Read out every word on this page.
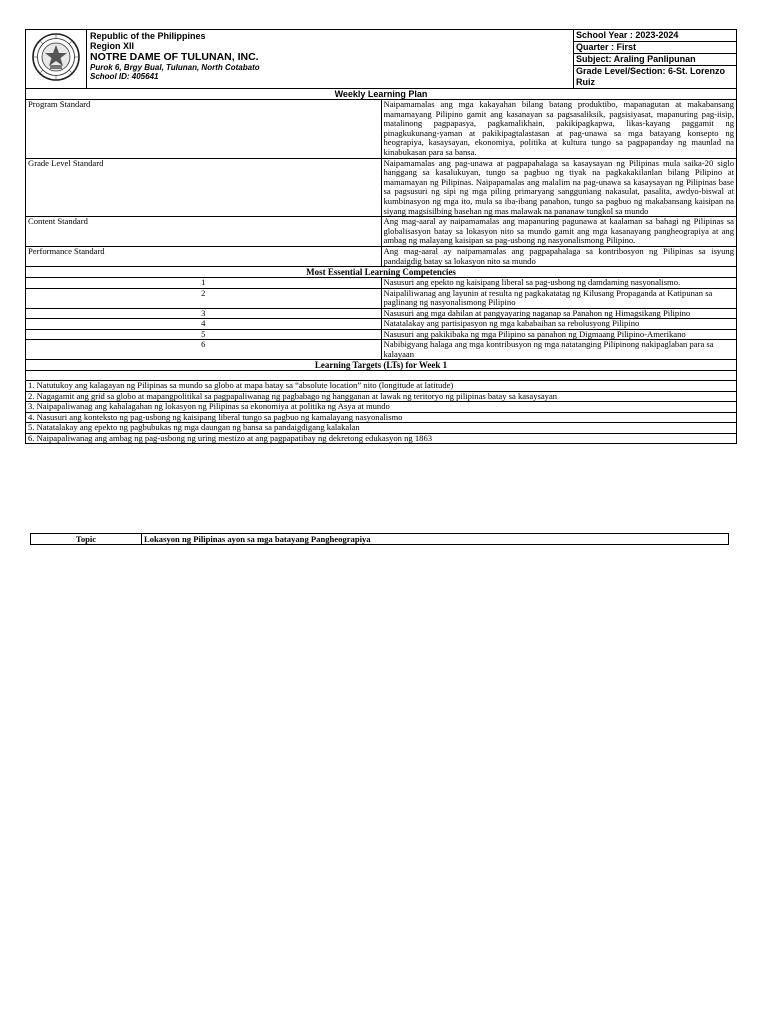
Republic of the Philippines
Region XII
NOTRE DAME OF TULUNAN, INC.
Purok 6, Brgy Bual, Tulunan, North Cotabato
School ID: 405641

School Year : 2023-2024
Quarter : First
Subject: Araling Panlipunan
Grade Level/Section: 6-St. Lorenzo Ruiz
Weekly Learning Plan	
Program Standard	Naipamamalas ang mga kakayahan bilang batang produktibo, mapanagutan at makabansang mamamayang Pilipino gamit ang kasanayan sa pagsasaliksik, pagsisiyasat, mapanuring pag-iisip, matalinong pagpapasya, pagkamalikhain, pakikipagkapwa, likas-kayang paggamit ng pinagkukunang-yaman at pakikipagtalastasan at pag-unawa sa mga batayang konsepto ng heograpiya, kasaysayan, ekonomiya, politika at kultura tungo sa pagpapanday ng maunlad na kinabukasan para sa bansa.
Grade Level Standard	Naipamamalas ang pag-unawa at pagpapahalaga sa kasaysayan ng Pilipinas mula saika-20 siglo hanggang sa kasalukuyan, tungo sa pagbuo ng tiyak na pagkakakilanlan bilang Pilipino at mamamayan ng Pilipinas. Naipapamalas ang malalim na pag-unawa sa kasaysayan ng Pilipinas base sa pagsusuri ng sipi ng mga piling primaryang sangguniang nakasulat, pasalita, awdyo-biswal at kumbinasyon ng mga ito, mula sa iba-ibang panahon, tungo sa pagbuo ng makabansang kaisipan na siyang magsisilbing basehan ng mas malawak na pananaw tungkol sa mundo
Content Standard	Ang mag-aaral ay naipamamalas ang mapanuring pagunawa at kaalaman sa bahagi ng Pilipinas sa globalisasyon batay sa lokasyon nito sa mundo gamit ang mga kasanayang pangheograpiya at ang ambag ng malayang kaisipan sa pag-usbong ng nasyonalismong Pilipino.
Performance Standard	Ang mag-aaral ay naipamamalas ang pagpapahalaga sa kontribosyon ng Pilipinas sa isyung pandaigdig batay sa lokasyon nito sa mundo
Most Essential Learning Competencies	
1	Nasusuri ang epekto ng kaisipang liberal sa pag-usbong ng damdaming nasyonalismo.
2	Naipaliliwanag ang layunin at resulta ng pagkakatatag ng Kilusang Propaganda at Katipunan sa paglinang ng nasyonalismong Pilipino
3	Nasusuri ang mga dahilan at pangyayaring naganap sa Panahon ng Himagsikang Pilipino
4	Natatalakay ang partisipasyon ng mga kababaihan sa rebolusyong Pilipino
5	Nasusuri ang pakikibaka ng mga Pilipino sa panahon ng Digmaang Pilipino-Amerikano
6	Nabibigyang halaga ang mga kontribusyon ng mga natatanging Pilipinong nakipaglaban para sa kalayaan
Learning Targets (LTs) for Week 1

1. Natutukoy ang kalagayan ng Pilipinas sa mundo sa globo at mapa batay sa “absolute location” nito (longitude at latitude)
2. Nagagamit ang grid sa globo at mapangpolitikal sa pagpapaliwanag ng pagbabago ng hangganan at lawak ng teritoryo ng pilipinas batay sa kasaysayan
3. Naipapaliwanag ang kahalagahan ng lokasyon ng Pilipinas sa ekonomiya at politika ng Asya at mundo
4. Nasusuri ang konteksto ng pag-usbong ng kaisipang liberal tungo sa pagbuo ng kamalayang nasyonalismo
5. Natatalakay ang epekto ng pagbubukas ng mga daungan ng bansa sa pandaigdigang kalakalan
6. Naipapaliwanag ang ambag ng pag-usbong ng uring mestizo at ang pagpapatibay ng dekretong edukasyon ng 1863
Topic	Lokasyon ng Pilipinas ayon sa mga batayang Pangheograpiya
